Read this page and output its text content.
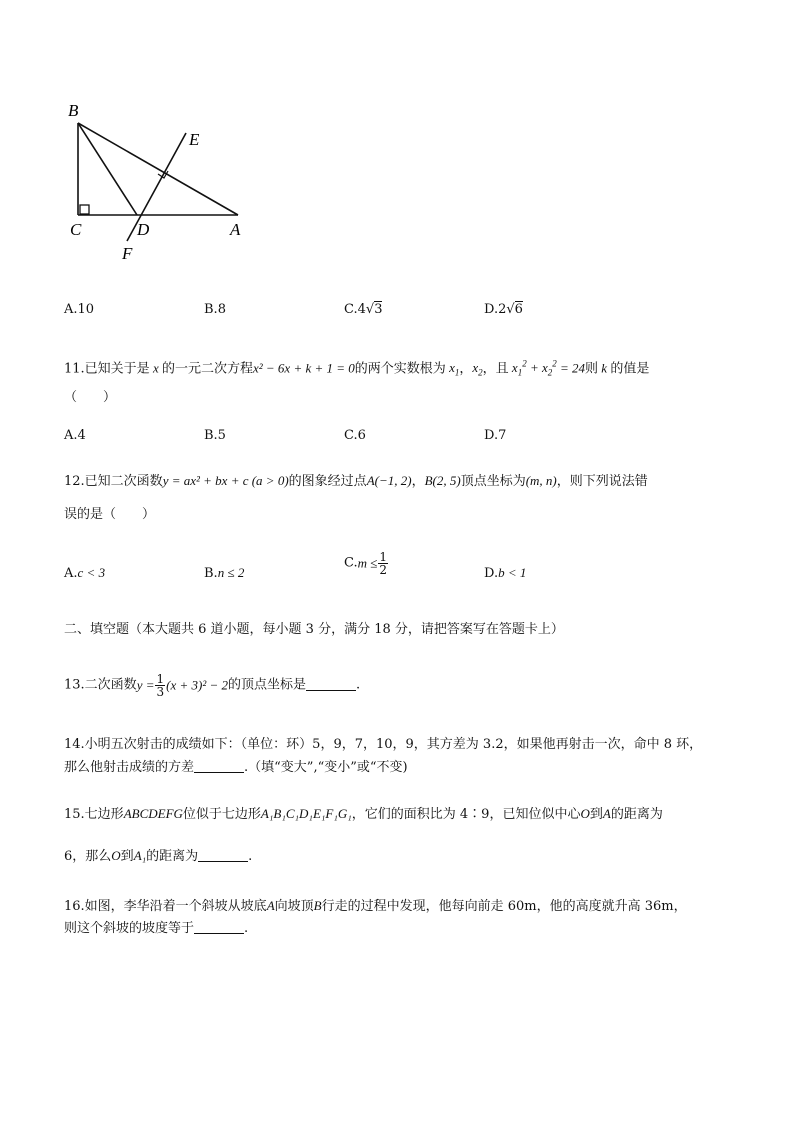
B
E
C	D	A
F
A.10	B.8	C.4√3	D.2√6
11.已知关于是 x 的一元二次方程x² − 6x + k + 1 = 0的两个实数根为 $x_1$，$x_2$，且 $x_1^2 + x_2^2 = 24$则 k 的值是
（　　）
A.4	B.5	C.6	D.7
12.已知二次函数y = ax² + bx + c (a > 0)的图象经过点A(−1, 2)，B(2, 5)顶点坐标为(m, n)，则下列说法错
误的是（　　）
A.c < 3	B.n ≤ 2
$C.m \le \frac{1}{2}$	D.b < 1
二、填空题（本大题共 6 道小题，每小题 3 分，满分 18 分，请把答案写在答题卡上）
13.二次函数$y = \frac{1}{3} (x + 3)^2 - 2$的顶点坐标是	.
14.小明五次射击的成绩如下：（单位：环）5，9，7，10，9，其方差为 3.2，如果他再射击一次，命中 8 环，
那么他射击成绩的方差	.（填“变大”,“变小”或“不变)
15.七边形ABCDEFG位似于七边形A₁B₁C₁D₁E₁F₁G₁，它们的面积比为 4∶9，已知位似中心O到A的距离为
6，那么O到A₁的距离为	.
16.如图，李华沿着一个斜坡从坡底A向坡顶B行走的过程中发现，他每向前走 60m，他的高度就升高 36m，
则这个斜坡的坡度等于	.
